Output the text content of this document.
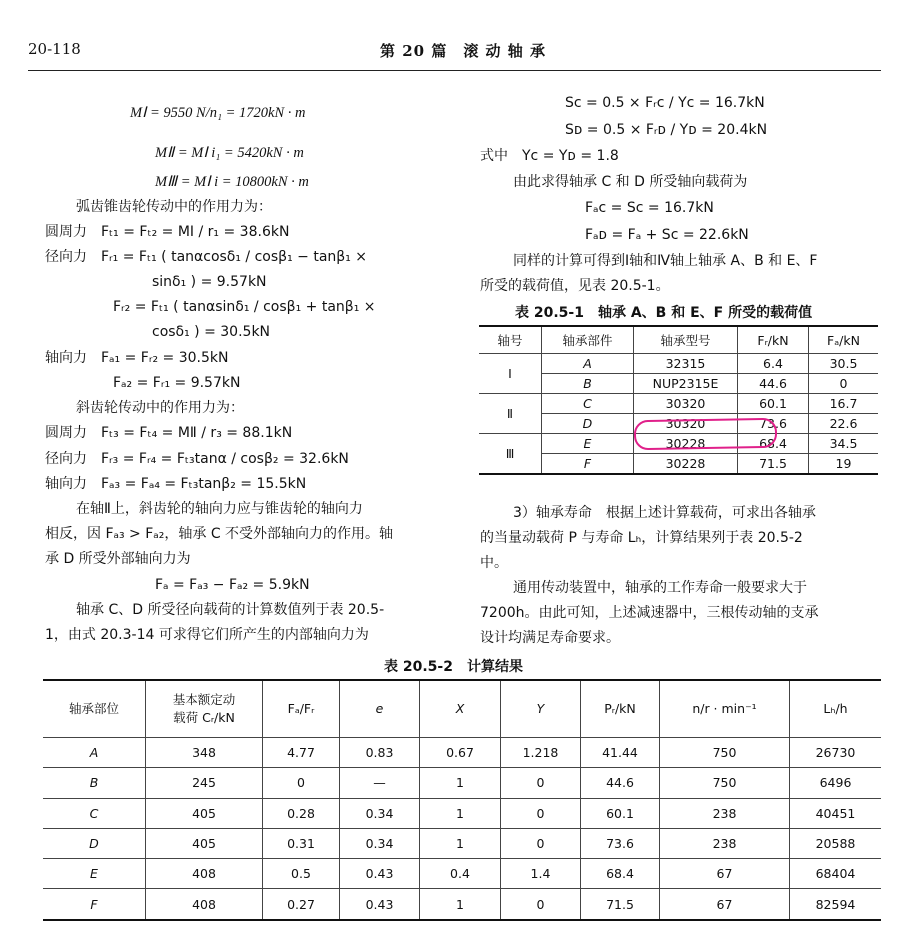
20-118	第 20 篇　滚 动 轴 承
MⅠ = 9550 N/n₁ = 1720kN · m
MⅡ = MⅠ i₁ = 5420kN · m
MⅢ = MⅠ i = 10800kN · m
弧齿锥齿轮传动中的作用力为：
圆周力　Fₜ₁ = Fₜ₂ = MⅠ / r₁ = 38.6kN
径向力　Fᵣ₁ = Fₜ₁ ( tanαcosδ₁ / cosβ₁ − tanβ₁ ×
sinδ₁ ) = 9.57kN
Fᵣ₂ = Fₜ₁ ( tanαsinδ₁ / cosβ₁ + tanβ₁ ×
cosδ₁ ) = 30.5kN
轴向力　Fₐ₁ = Fᵣ₂ = 30.5kN
Fₐ₂ = Fᵣ₁ = 9.57kN
斜齿轮传动中的作用力为：
圆周力　Fₜ₃ = Fₜ₄ = MⅡ / r₃ = 88.1kN
径向力　Fᵣ₃ = Fᵣ₄ = Fₜ₃tanα / cosβ₂ = 32.6kN
轴向力　Fₐ₃ = Fₐ₄ = Fₜ₃tanβ₂ = 15.5kN
在轴Ⅱ上，斜齿轮的轴向力应与锥齿轮的轴向力
相反，因 Fₐ₃ > Fₐ₂，轴承 C 不受外部轴向力的作用。轴
承 D 所受外部轴向力为
Fₐ = Fₐ₃ − Fₐ₂ = 5.9kN
轴承 C、D 所受径向载荷的计算数值列于表 20.5-
1，由式 20.3-14 可求得它们所产生的内部轴向力为
Sᴄ = 0.5 × Fᵣᴄ / Yᴄ = 16.7kN
Sᴅ = 0.5 × Fᵣᴅ / Yᴅ = 20.4kN
式中　Yᴄ = Yᴅ = 1.8
由此求得轴承 C 和 D 所受轴向载荷为
Fₐᴄ = Sᴄ = 16.7kN
Fₐᴅ = Fₐ + Sᴄ = 22.6kN
同样的计算可得到Ⅰ轴和Ⅳ轴上轴承 A、B 和 E、F
所受的载荷值，见表 20.5-1。
表 20.5-1　轴承 A、B 和 E、F 所受的载荷值
轴号	轴承部件	轴承型号	Fᵣ/kN	Fₐ/kN
Ⅰ	A	32315	6.4	30.5
	B	NUP2315E	44.6	0
Ⅱ	C	30320	60.1	16.7
	D	30320	73.6	22.6
Ⅲ	E	30228	68.4	34.5
	F	30228	71.5	19
3）轴承寿命　根据上述计算载荷，可求出各轴承
的当量动载荷 P 与寿命 Lₕ，计算结果列于表 20.5-2
中。
通用传动装置中，轴承的工作寿命一般要求大于
7200h。由此可知，上述减速器中，三根传动轴的支承
设计均满足寿命要求。
表 20.5-2　计算结果
轴承部位	基本额定动
载荷 Cᵣ/kN	Fₐ/Fᵣ	e	X	Y	Pᵣ/kN	n/r · min⁻¹	Lₕ/h
A	348	4.77	0.83	0.67	1.218	41.44	750	26730
B	245	0	—	1	0	44.6	750	6496
C	405	0.28	0.34	1	0	60.1	238	40451
D	405	0.31	0.34	1	0	73.6	238	20588
E	408	0.5	0.43	0.4	1.4	68.4	67	68404
F	408	0.27	0.43	1	0	71.5	67	82594
